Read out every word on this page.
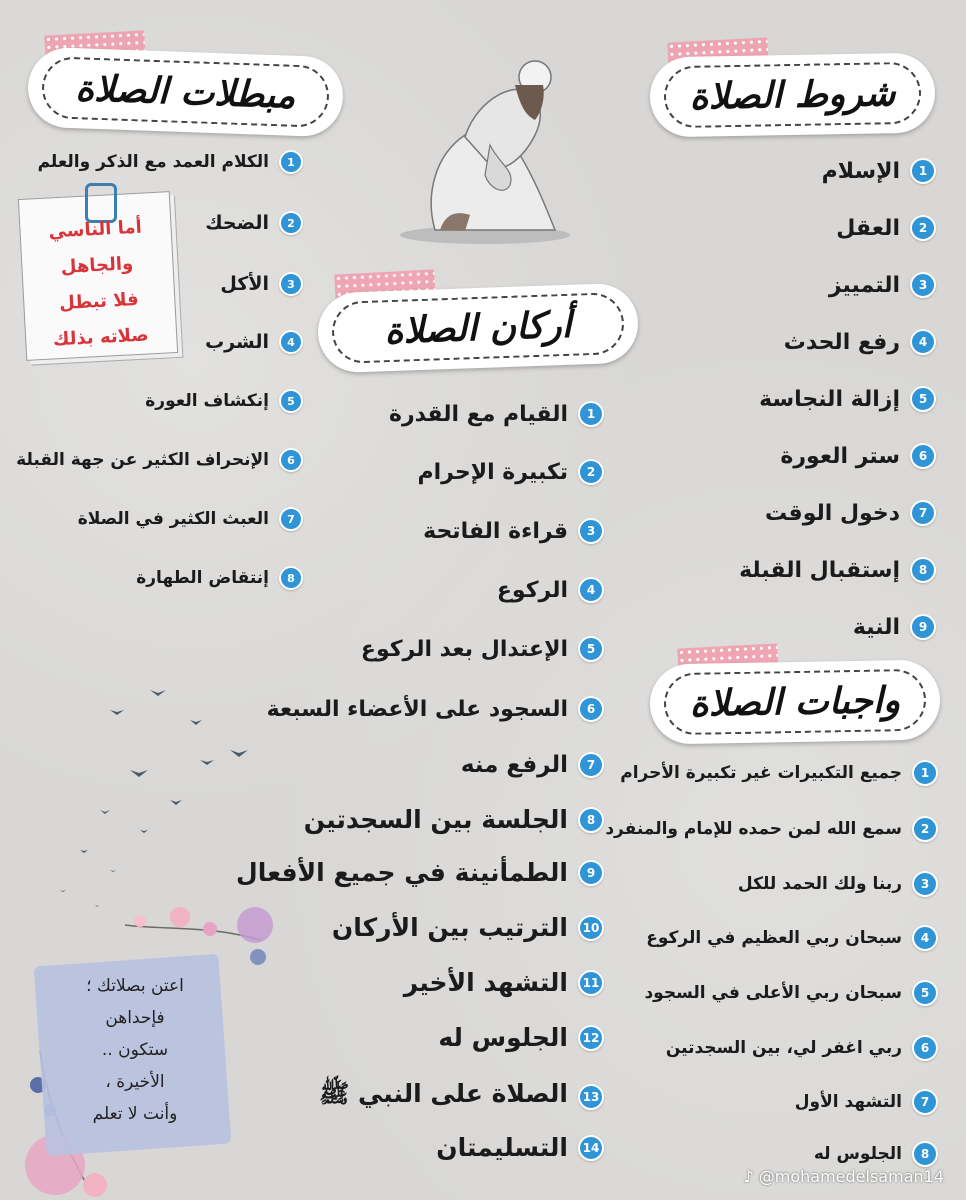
شروط الصلاة
مبطلات الصلاة
أركان الصلاة
واجبات الصلاة
1
الإسلام
2
العقل
3
التمييز
4
رفع الحدث
5
إزالة النجاسة
6
ستر العورة
7
دخول الوقت
8
إستقبال القبلة
9
النية
1
الكلام العمد مع الذكر والعلم
2
الضحك
3
الأكل
4
الشرب
5
إنكشاف العورة
6
الإنحراف الكثير عن جهة القبلة
7
العبث الكثير في الصلاة
8
إنتقاض الطهارة
أما الناسي
والجاهل
فلا تبطل
صلاته بذلك
1
القيام مع القدرة
2
تكبيرة الإحرام
3
قراءة الفاتحة
4
الركوع
5
الإعتدال بعد الركوع
6
السجود على الأعضاء السبعة
7
الرفع منه
8
الجلسة بين السجدتين
9
الطمأنينة في جميع الأفعال
10
الترتيب بين الأركان
11
التشهد الأخير
12
الجلوس له
13
الصلاة على النبي ﷺ
14
التسليمتان
1
جميع التكبيرات غير تكبيرة الأحرام
2
سمع الله لمن حمده للإمام والمنفرد
3
ربنا ولك الحمد للكل
4
سبحان ربي العظيم في الركوع
5
سبحان ربي الأعلى في السجود
6
ربي اغفر لي، بين السجدتين
7
التشهد الأول
8
الجلوس له
اعتن بصلاتك ؛
فإحداهن
ستكون ..
الأخيرة ،
وأنت لا تعلم
♪ @mohamedelsaman14
